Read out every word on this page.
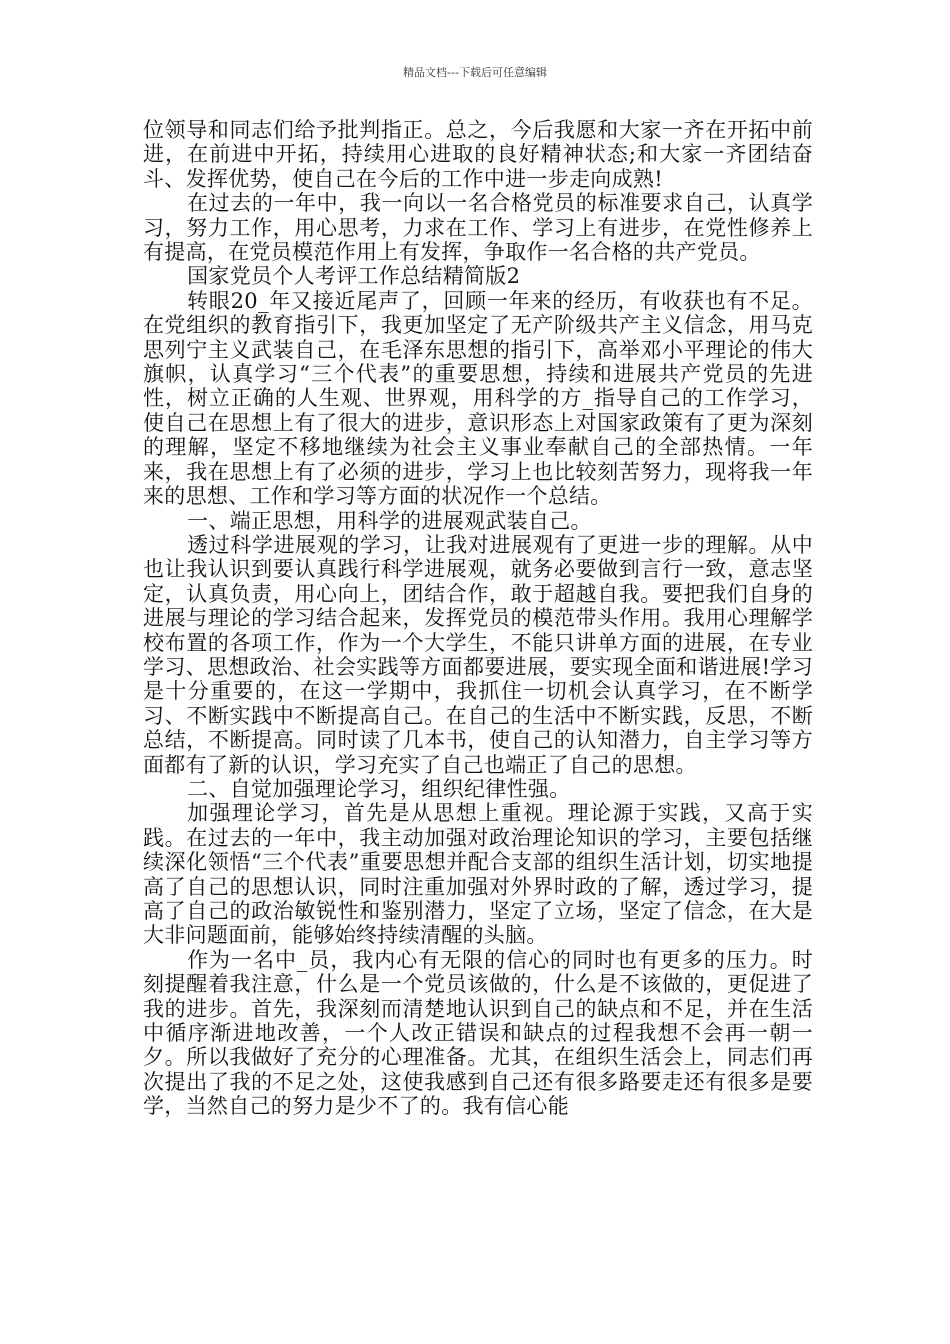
精品文档---下载后可任意编辑

位领导和同志们给予批判指正。总之，今后我愿和大家一齐在开拓中前进，在前进中开拓，持续用心进取的良好精神状态;和大家一齐团结奋斗、发挥优势，使自己在今后的工作中进一步走向成熟!

在过去的一年中，我一向以一名合格党员的标准要求自己，认真学习，努力工作，用心思考，力求在工作、学习上有进步，在党性修养上有提高，在党员模范作用上有发挥，争取作一名合格的共产党员。

国家党员个人考评工作总结精简版2

转眼20_年又接近尾声了，回顾一年来的经历，有收获也有不足。在党组织的教育指引下，我更加坚定了无产阶级共产主义信念，用马克思列宁主义武装自己，在毛泽东思想的指引下，高举邓小平理论的伟大旗帜，认真学习“三个代表”的重要思想，持续和进展共产党员的先进性，树立正确的人生观、世界观，用科学的方_指导自己的工作学习，使自己在思想上有了很大的进步，意识形态上对国家政策有了更为深刻的理解，坚定不移地继续为社会主义事业奉献自己的全部热情。一年来，我在思想上有了必须的进步，学习上也比较刻苦努力，现将我一年来的思想、工作和学习等方面的状况作一个总结。

一、端正思想，用科学的进展观武装自己。

透过科学进展观的学习，让我对进展观有了更进一步的理解。从中也让我认识到要认真践行科学进展观，就务必要做到言行一致，意志坚定，认真负责，用心向上，团结合作，敢于超越自我。要把我们自身的进展与理论的学习结合起来，发挥党员的模范带头作用。我用心理解学校布置的各项工作，作为一个大学生，不能只讲单方面的进展，在专业学习、思想政治、社会实践等方面都要进展，要实现全面和谐进展!学习是十分重要的，在这一学期中，我抓住一切机会认真学习，在不断学习、不断实践中不断提高自己。在自己的生活中不断实践，反思，不断总结，不断提高。同时读了几本书，使自己的认知潜力，自主学习等方面都有了新的认识，学习充实了自己也端正了自己的思想。

二、自觉加强理论学习，组织纪律性强。

加强理论学习，首先是从思想上重视。理论源于实践，又高于实践。在过去的一年中，我主动加强对政治理论知识的学习，主要包括继续深化领悟“三个代表”重要思想并配合支部的组织生活计划，切实地提高了自己的思想认识，同时注重加强对外界时政的了解，透过学习，提高了自己的政治敏锐性和鉴别潜力，坚定了立场，坚定了信念，在大是大非问题面前，能够始终持续清醒的头脑。

作为一名中_员，我内心有无限的信心的同时也有更多的压力。时刻提醒着我注意，什么是一个党员该做的，什么是不该做的，更促进了我的进步。首先，我深刻而清楚地认识到自己的缺点和不足，并在生活中循序渐进地改善，一个人改正错误和缺点的过程我想不会再一朝一夕。所以我做好了充分的心理准备。尤其，在组织生活会上，同志们再次提出了我的不足之处，这使我感到自己还有很多路要走还有很多是要学，当然自己的努力是少不了的。我有信心能
